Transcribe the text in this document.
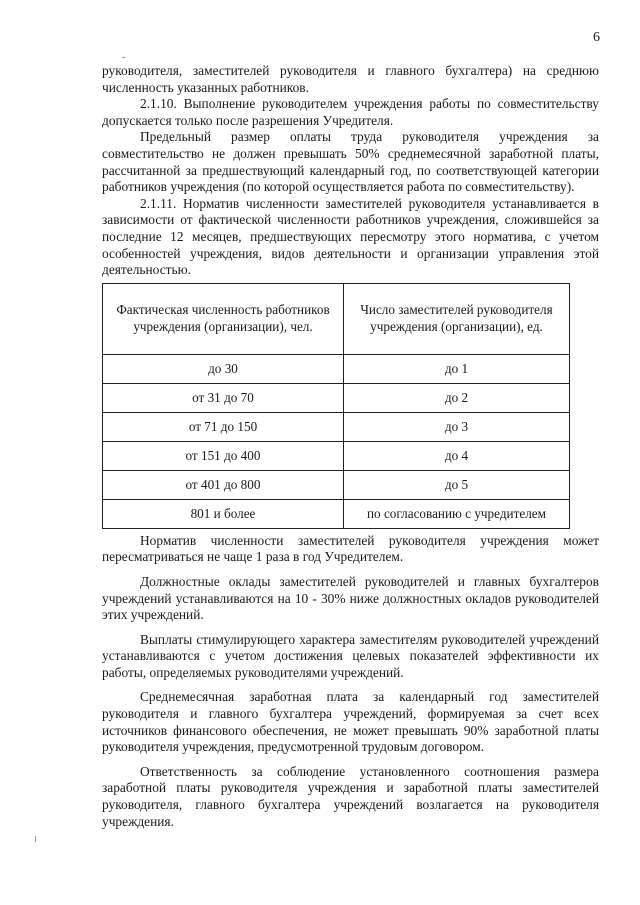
6

руководителя, заместителей руководителя и главного бухгалтера) на среднюю численность указанных работников.

2.1.10. Выполнение руководителем учреждения работы по совместительству допускается только после разрешения Учредителя.

Предельный размер оплаты труда руководителя учреждения за совместительство не должен превышать 50% среднемесячной заработной платы, рассчитанной за предшествующий календарный год, по соответствующей категории работников учреждения (по которой осуществляется работа по совместительству).

2.1.11. Норматив численности заместителей руководителя устанавливается в зависимости от фактической численности работников учреждения, сложившейся за последние 12 месяцев, предшествующих пересмотру этого норматива, с учетом особенностей учреждения, видов деятельности и организации управления этой деятельностью.

Фактическая численность работников учреждения (организации), чел.	Число заместителей руководителя учреждения (организации), ед.
до 30	до 1
от 31 до 70	до 2
от 71 до 150	до 3
от 151 до 400	до 4
от 401 до 800	до 5
801 и более	по согласованию с учредителем

Норматив численности заместителей руководителя учреждения может пересматриваться не чаще 1 раза в год Учредителем.

Должностные оклады заместителей руководителей и главных бухгалтеров учреждений устанавливаются на 10 - 30% ниже должностных окладов руководителей этих учреждений.

Выплаты стимулирующего характера заместителям руководителей учреждений устанавливаются с учетом достижения целевых показателей эффективности их работы, определяемых руководителями учреждений.

Среднемесячная заработная плата за календарный год заместителей руководителя и главного бухгалтера учреждений, формируемая за счет всех источников финансового обеспечения, не может превышать 90% заработной платы руководителя учреждения, предусмотренной трудовым договором.

Ответственность за соблюдение установленного соотношения размера заработной платы руководителя учреждения и заработной платы заместителей руководителя, главного бухгалтера учреждений возлагается на руководителя учреждения.
